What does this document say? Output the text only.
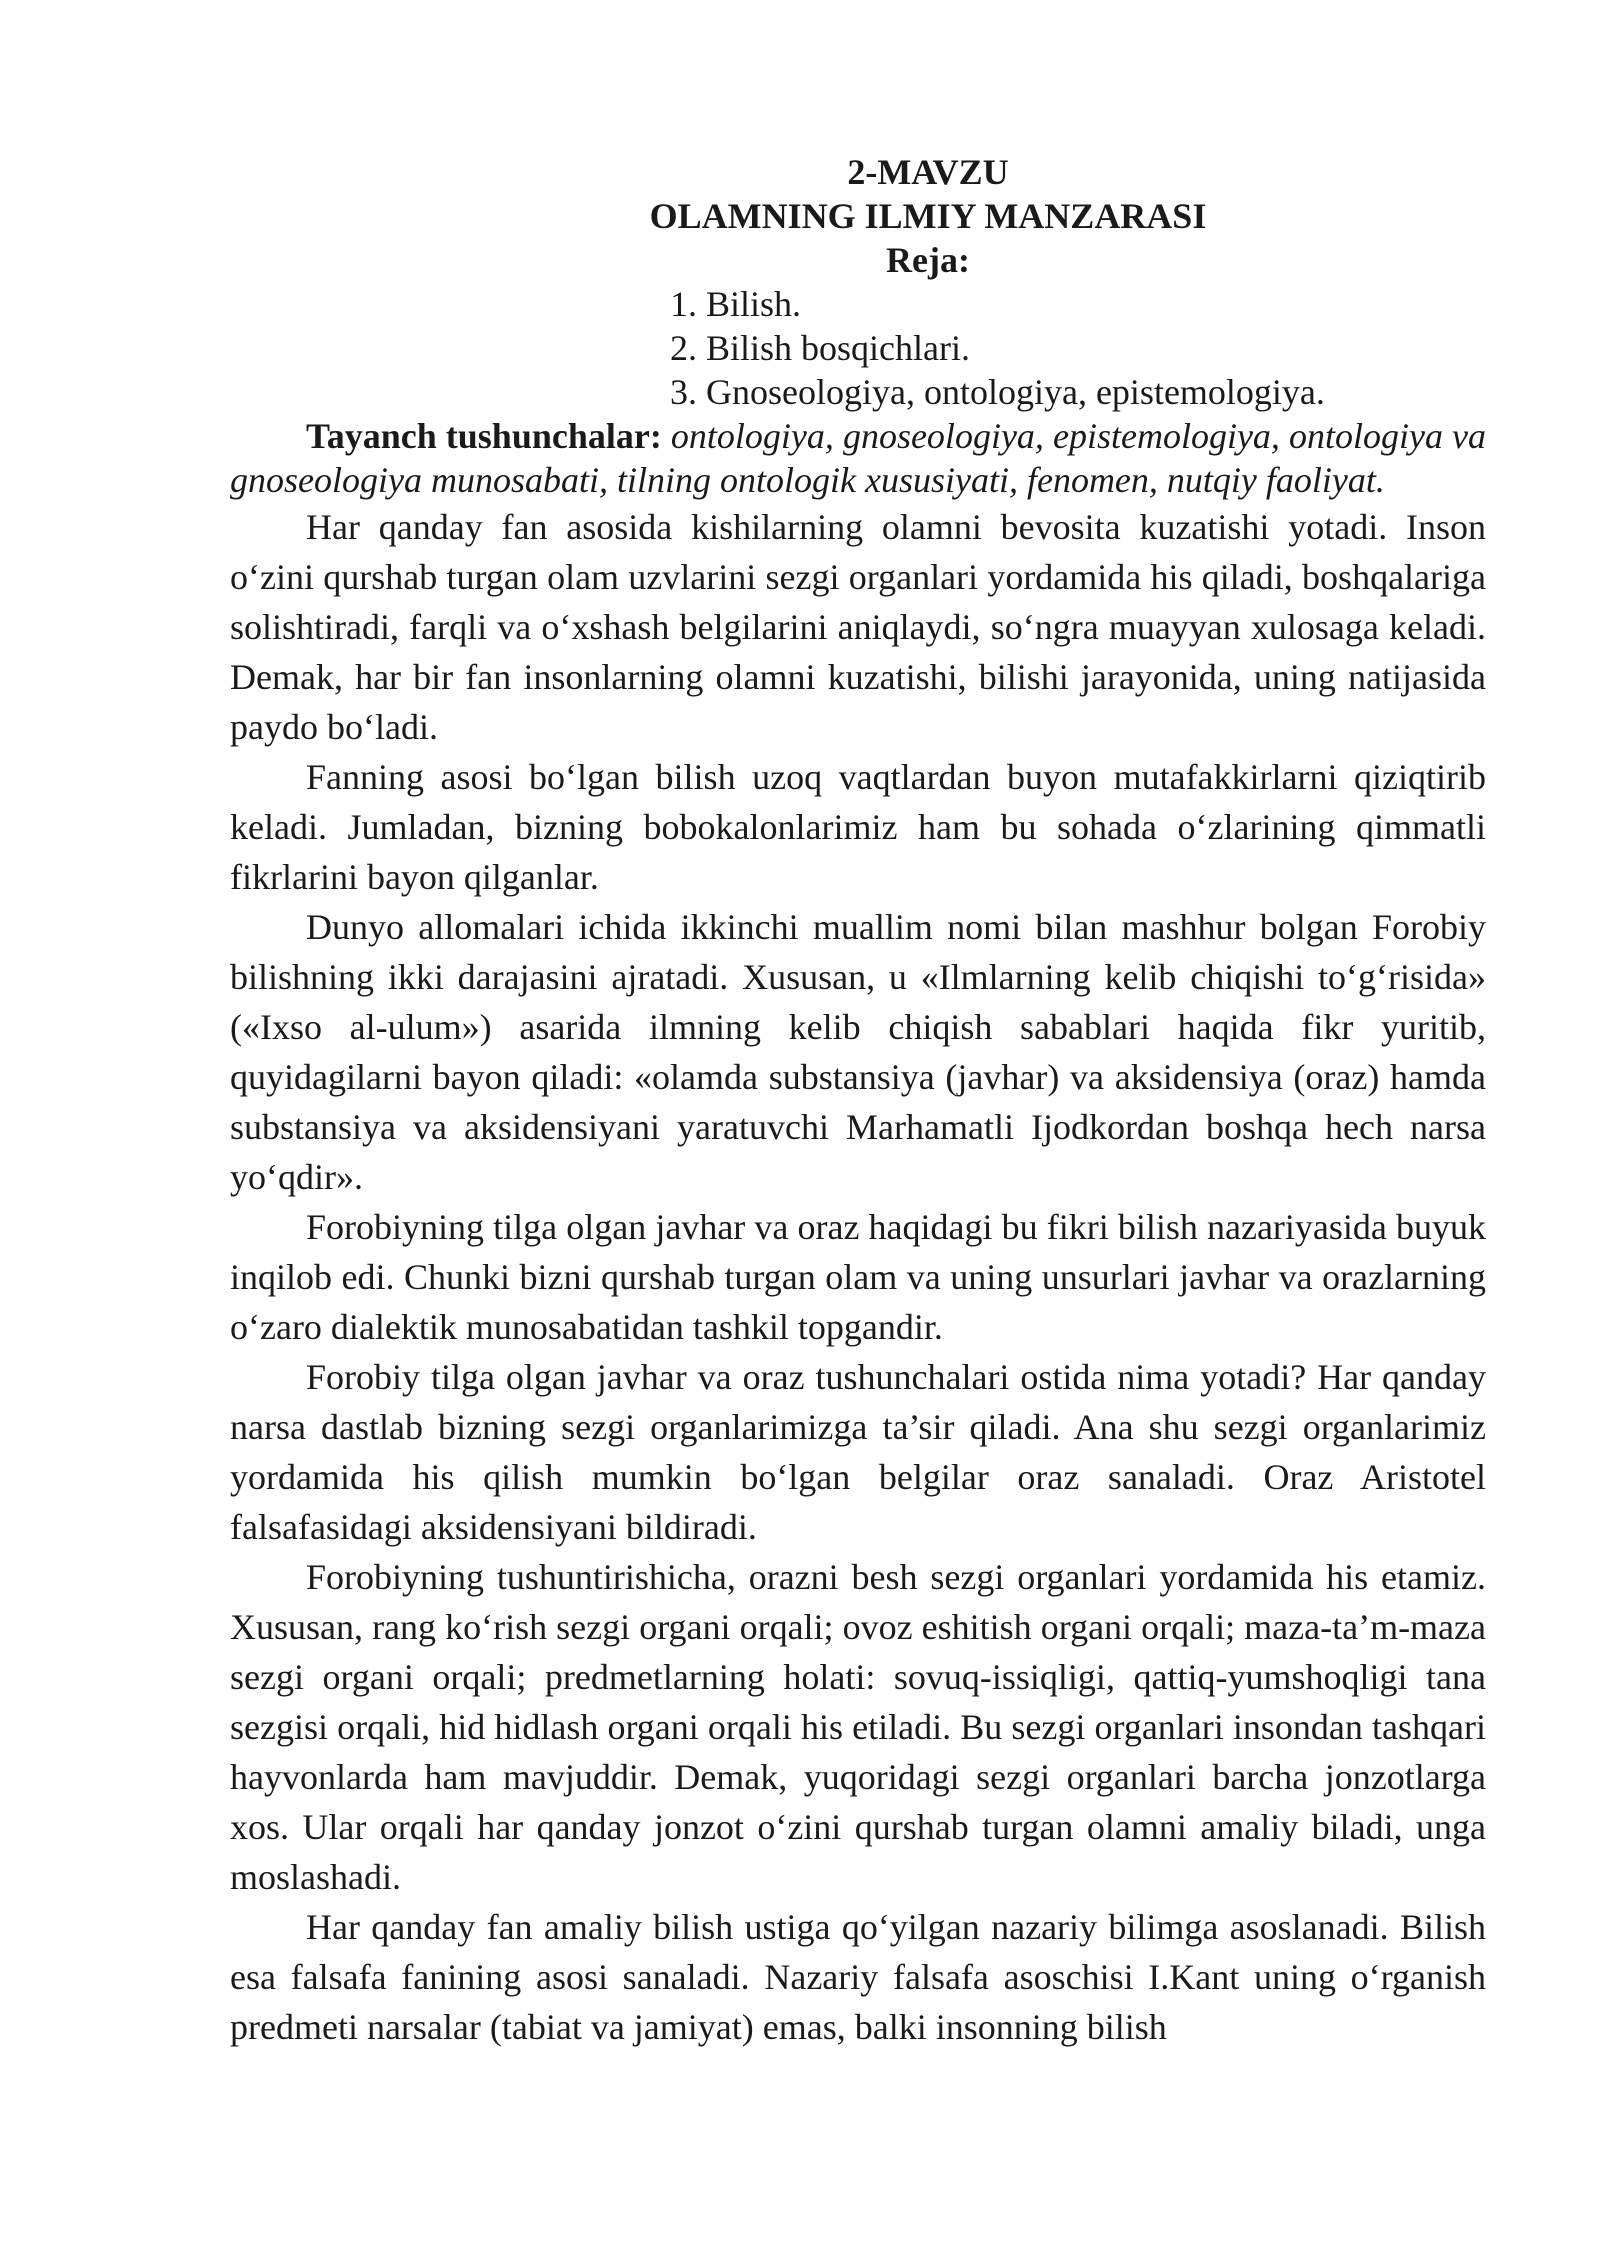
2-MAVZU

OLAMNING ILMIY MANZARASI

Reja:

1. Bilish.
2. Bilish bosqichlari.
3. Gnoseologiya, ontologiya, epistemologiya.

Tayanch tushunchalar: ontologiya, gnoseologiya, epistemologiya, ontologiya va gnoseologiya munosabati, tilning ontologik xususiyati, fenomen, nutqiy faoliyat.

Har qanday fan asosida kishilarning olamni bevosita kuzatishi yotadi. Inson o‘zini qurshab turgan olam uzvlarini sezgi organlari yordamida his qiladi, boshqalariga solishtiradi, farqli va o‘xshash belgilarini aniqlaydi, so‘ngra muayyan xulosaga keladi. Demak, har bir fan insonlarning olamni kuzatishi, bilishi jarayonida, uning natijasida paydo bo‘ladi.

Fanning asosi bo‘lgan bilish uzoq vaqtlardan buyon mutafakkirlarni qiziqtirib keladi. Jumladan, bizning bobokalonlarimiz ham bu sohada o‘zlarining qimmatli fikrlarini bayon qilganlar.

Dunyo allomalari ichida ikkinchi muallim nomi bilan mashhur bolgan Forobiy bilishning ikki darajasini ajratadi. Xususan, u «Ilmlarning kelib chiqishi to‘g‘risida» («Ixso al-ulum») asarida ilmning kelib chiqish sabablari haqida fikr yuritib, quyidagilarni bayon qiladi: «olamda substansiya (javhar) va aksidensiya (oraz) hamda substansiya va aksidensiyani yaratuvchi Marhamatli Ijodkordan boshqa hech narsa yo‘qdir».

Forobiyning tilga olgan javhar va oraz haqidagi bu fikri bilish nazariyasida buyuk inqilob edi. Chunki bizni qurshab turgan olam va uning unsurlari javhar va orazlarning o‘zaro dialektik munosabatidan tashkil topgandir.

Forobiy tilga olgan javhar va oraz tushunchalari ostida nima yotadi? Har qanday narsa dastlab bizning sezgi organlarimizga ta’sir qiladi. Ana shu sezgi organlarimiz yordamida his qilish mumkin bo‘lgan belgilar oraz sanaladi. Oraz Aristotel falsafasidagi aksidensiyani bildiradi.

Forobiyning tushuntirishicha, orazni besh sezgi organlari yordamida his etamiz. Xususan, rang ko‘rish sezgi organi orqali; ovoz eshitish organi orqali; maza-ta’m-maza sezgi organi orqali; predmetlarning holati: sovuq-issiqligi, qattiq-yumshoqligi tana sezgisi orqali, hid hidlash organi orqali his etiladi. Bu sezgi organlari insondan tashqari hayvonlarda ham mavjuddir. Demak, yuqoridagi sezgi organlari barcha jonzotlarga xos. Ular orqali har qanday jonzot o‘zini qurshab turgan olamni amaliy biladi, unga moslashadi.

Har qanday fan amaliy bilish ustiga qo‘yilgan nazariy bilimga asoslanadi. Bilish esa falsafa fanining asosi sanaladi. Nazariy falsafa asoschisi I.Kant uning o‘rganish predmeti narsalar (tabiat va jamiyat) emas, balki insonning bilish
